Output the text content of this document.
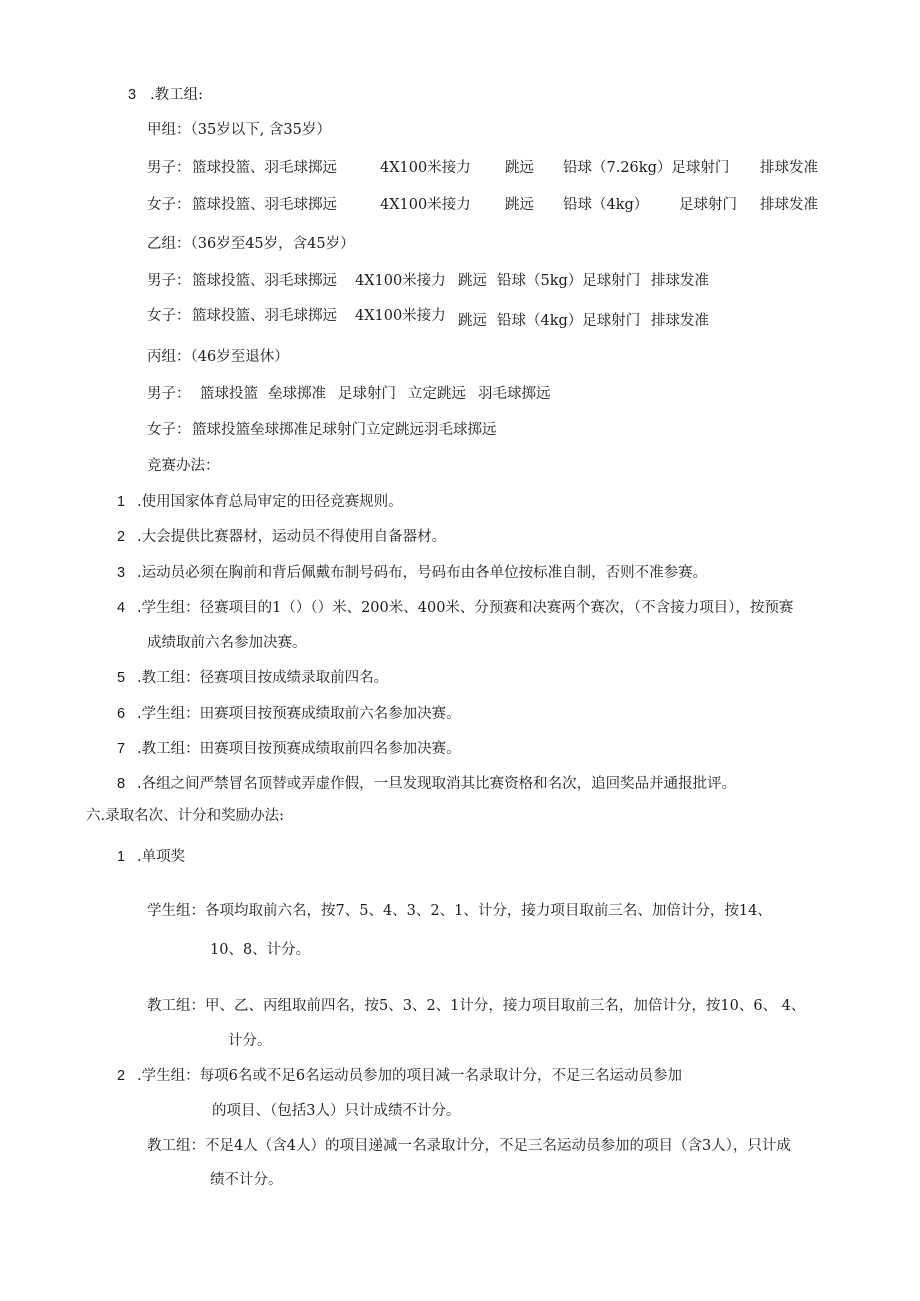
3 .教工组:
甲组：（35岁以下, 含35岁）
男子： 篮球投篮、羽毛球掷远	4X100米接力 跳远 铅球（7.26kg）足球射门 排球发准
女子： 篮球投篮、羽毛球掷远	4X100米接力 跳远 铅球（4kg） 足球射门 排球发准
乙组：（36岁至45岁，含45岁）
男子： 篮球投篮、羽毛球掷远 4X100米接力 跳远 铅球（5kg）足球射门 排球发准
女子： 篮球投篮、羽毛球掷远 4X100米接力 跳远 铅球（4kg）足球射门 排球发准
丙组：（46岁至退休）
男子： 篮球投篮 垒球掷准 足球射门 立定跳远 羽毛球掷远
女子： 篮球投篮垒球掷准足球射门立定跳远羽毛球掷远
竞赛办法：
1 .使用国家体育总局审定的田径竞赛规则。
2 .大会提供比赛器材，运动员不得使用自备器材。
3 .运动员必须在胸前和背后佩戴布制号码布，号码布由各单位按标准自制，否则不准参赛。
4 .学生组：径赛项目的1（）（）米、200米、400米、分预赛和决赛两个赛次，（不含接力项目），按预赛
成绩取前六名参加决赛。
5 .教工组：径赛项目按成绩录取前四名。
6 .学生组：田赛项目按预赛成绩取前六名参加决赛。
7 .教工组：田赛项目按预赛成绩取前四名参加决赛。
8 .各组之间严禁冒名顶替或弄虚作假，一旦发现取消其比赛资格和名次，追回奖品并通报批评。
六.录取名次、计分和奖励办法:
1 .单项奖
学生组：各项均取前六名，按7、5、4、3、2、1、计分，接力项目取前三名、加倍计分，按14、
10、8、计分。
教工组：甲、乙、丙组取前四名，按5、3、2、1计分，接力项目取前三名，加倍计分，按10、6、 4、
计分。
2 .学生组：每项6名或不足6名运动员参加的项目减一名录取计分，不足三名运动员参加
的项目、（包括3人）只计成绩不计分。
教工组：不足4人（含4人）的项目递减一名录取计分，不足三名运动员参加的项目（含3人），只计成
绩不计分。
